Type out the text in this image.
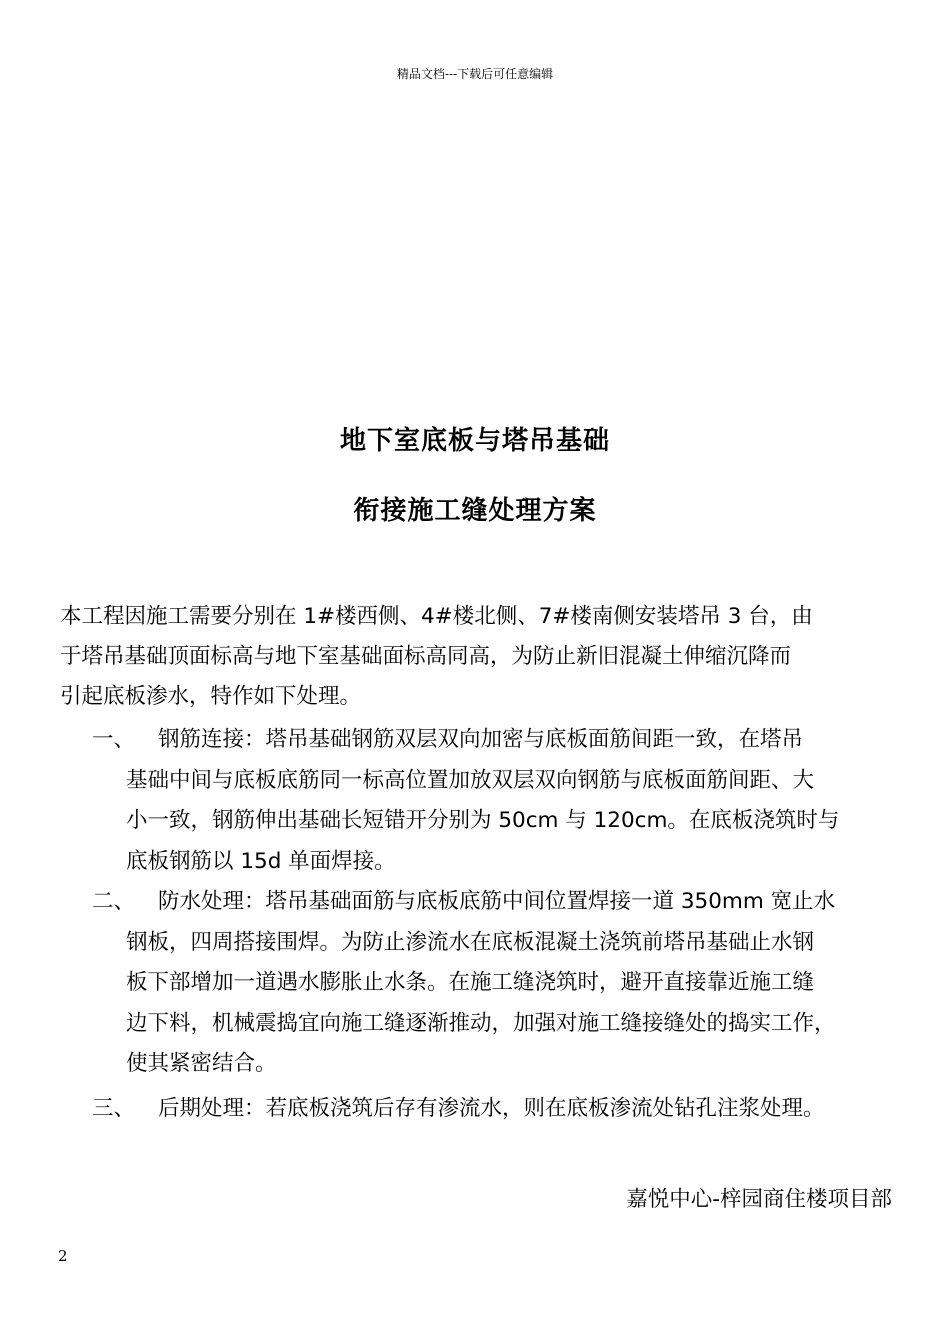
精品文档---下载后可任意编辑
地下室底板与塔吊基础
衔接施工缝处理方案
本工程因施工需要分别在 1#楼西侧、4#楼北侧、7#楼南侧安装塔吊 3 台，由
于塔吊基础顶面标高与地下室基础面标高同高，为防止新旧混凝土伸缩沉降而
引起底板渗水，特作如下处理。
一、 钢筋连接：塔吊基础钢筋双层双向加密与底板面筋间距一致，在塔吊
基础中间与底板底筋同一标高位置加放双层双向钢筋与底板面筋间距、大
小一致，钢筋伸出基础长短错开分别为 50cm 与 120cm。在底板浇筑时与
底板钢筋以 15d 单面焊接。
二、 防水处理：塔吊基础面筋与底板底筋中间位置焊接一道 350mm 宽止水
钢板，四周搭接围焊。为防止渗流水在底板混凝土浇筑前塔吊基础止水钢
板下部增加一道遇水膨胀止水条。在施工缝浇筑时，避开直接靠近施工缝
边下料，机械震捣宜向施工缝逐渐推动，加强对施工缝接缝处的捣实工作，
使其紧密结合。
三、 后期处理：若底板浇筑后存有渗流水，则在底板渗流处钻孔注浆处理。
嘉悦中心-梓园商住楼项目部
2
